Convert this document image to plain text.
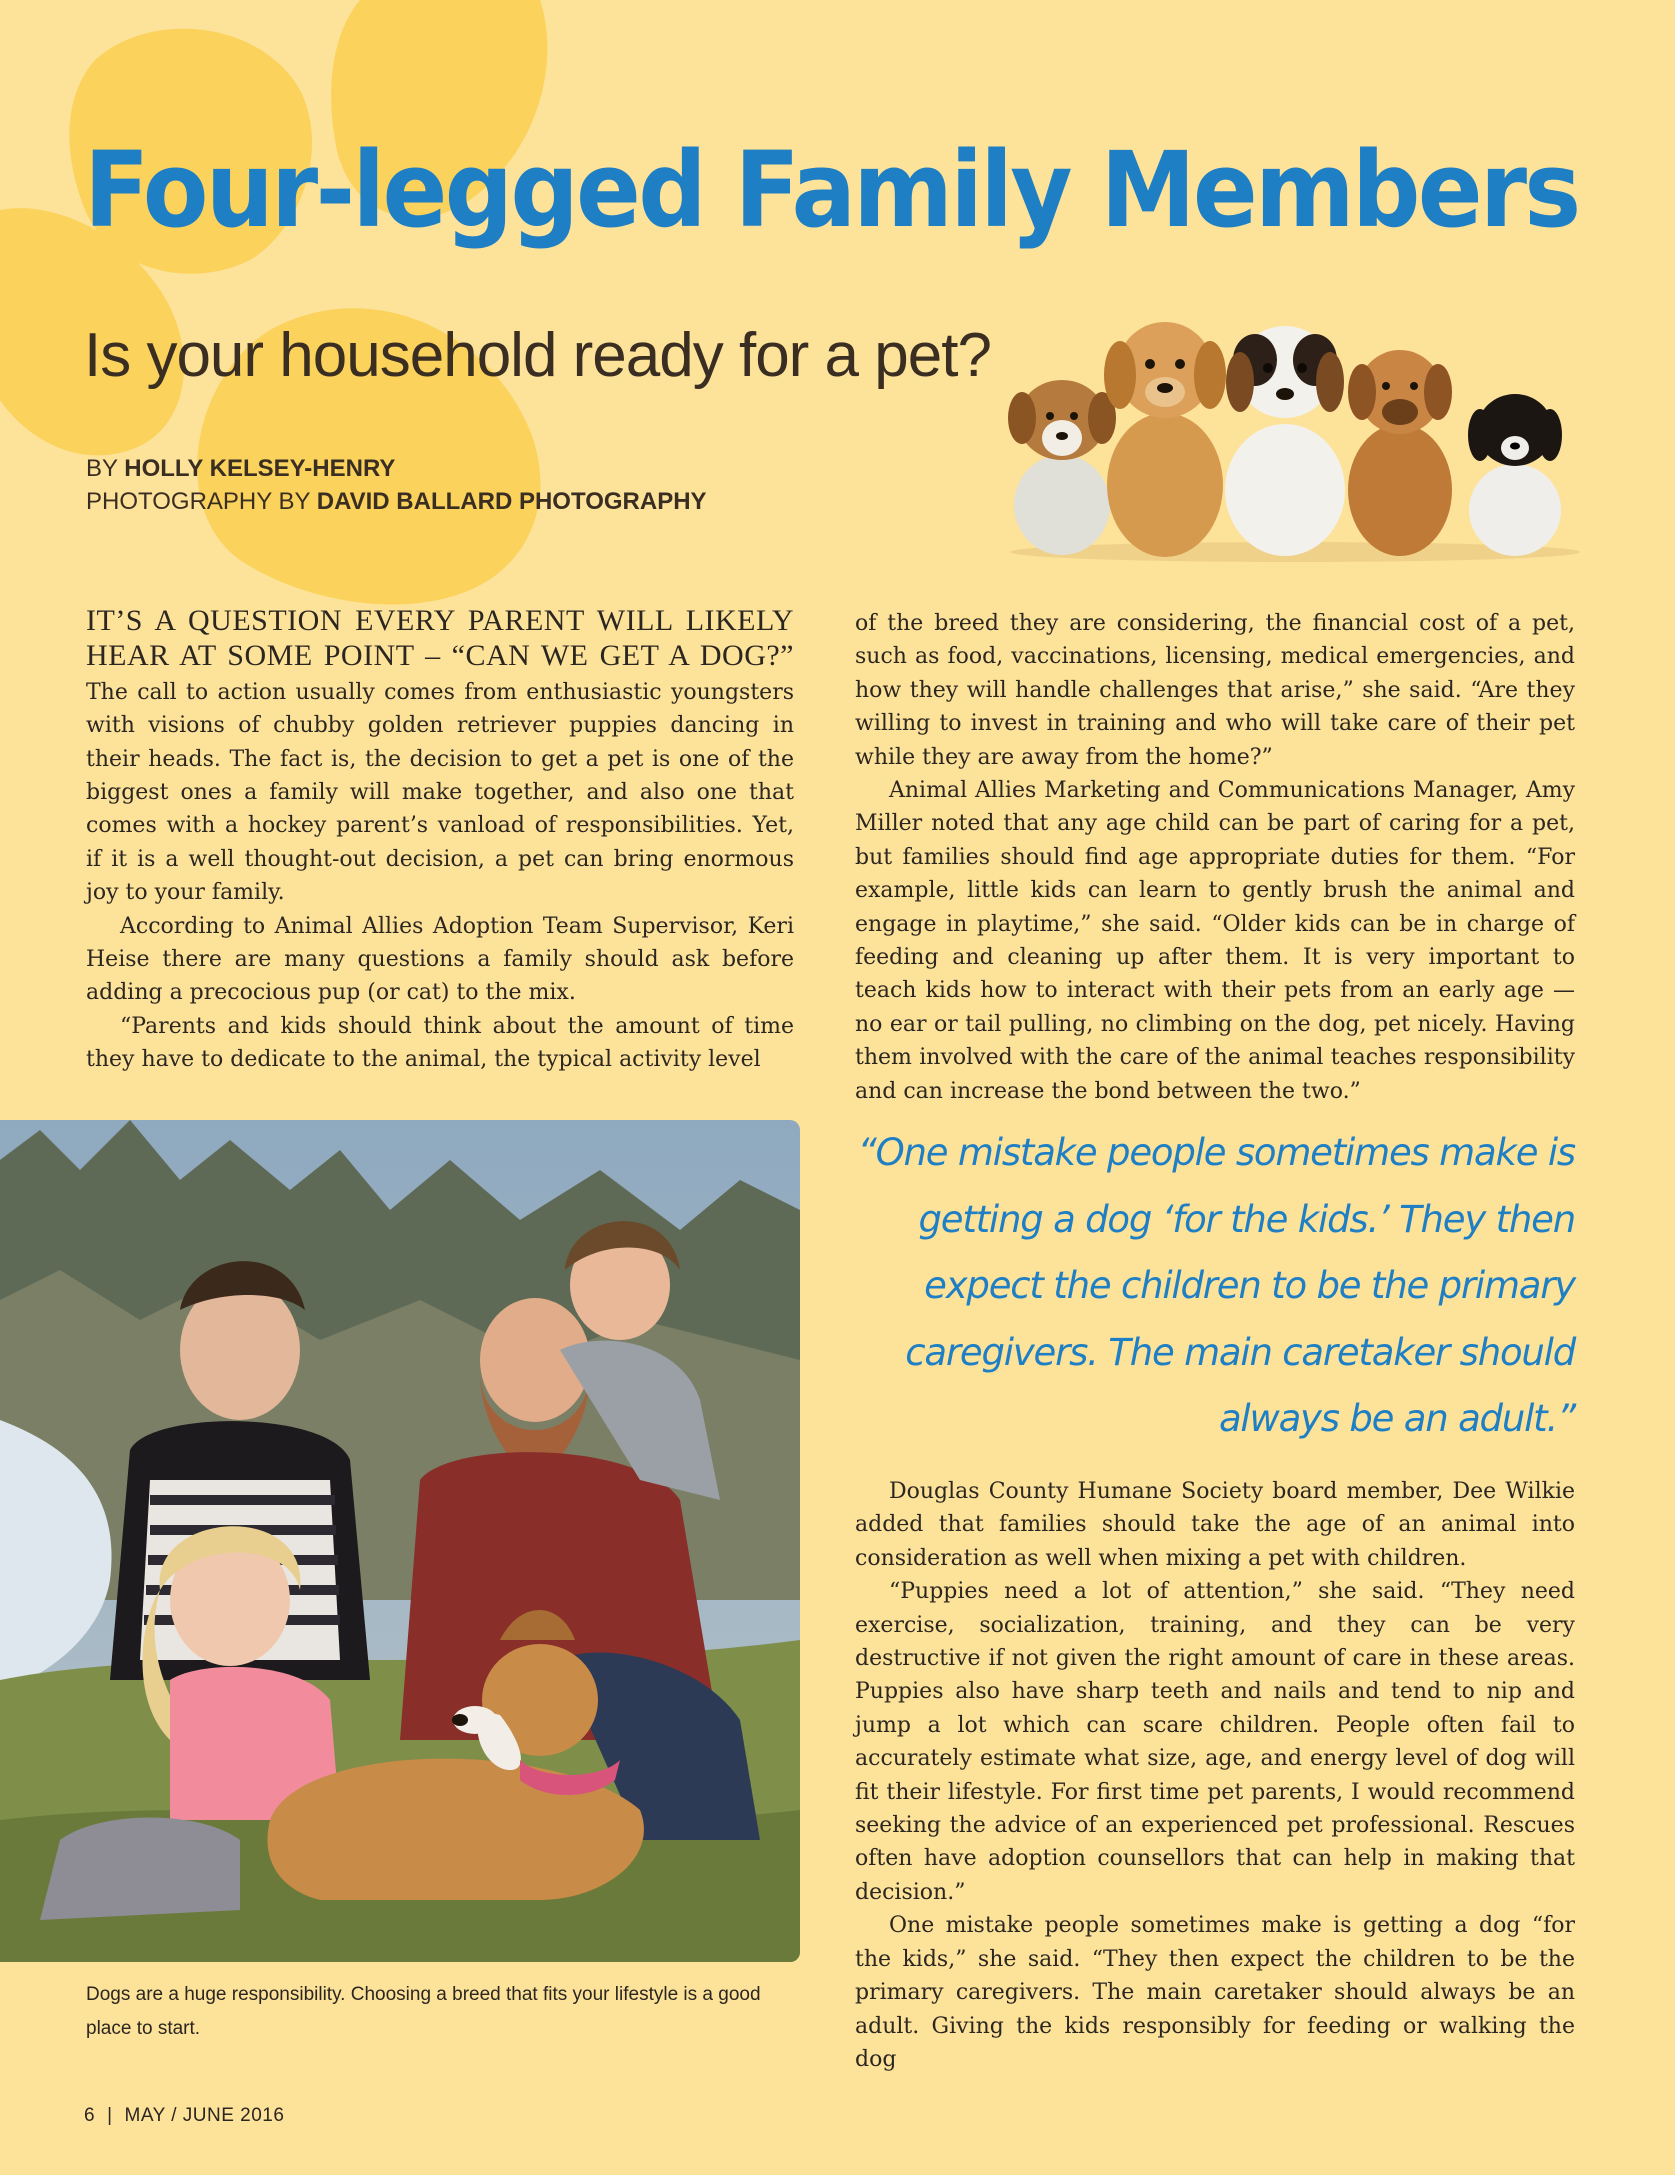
Four-legged Family Members
Is your household ready for a pet?
BY HOLLY KELSEY-HENRY
PHOTOGRAPHY BY DAVID BALLARD PHOTOGRAPHY

IT’S A QUESTION EVERY PARENT WILL LIKELY HEAR AT SOME POINT – “CAN WE GET A DOG?” The call to action usually comes from enthusiastic youngsters with visions of chubby golden retriever puppies dancing in their heads. The fact is, the decision to get a pet is one of the biggest ones a family will make together, and also one that comes with a hockey parent’s vanload of responsibilities. Yet, if it is a well thought-out decision, a pet can bring enormous joy to your family.

According to Animal Allies Adoption Team Supervisor, Keri Heise there are many questions a family should ask before adding a precocious pup (or cat) to the mix.

“Parents and kids should think about the amount of time they have to dedicate to the animal, the typical activity level

of the breed they are considering, the financial cost of a pet, such as food, vaccinations, licensing, medical emergencies, and how they will handle challenges that arise,” she said. “Are they willing to invest in training and who will take care of their pet while they are away from the home?”

Animal Allies Marketing and Communications Manager, Amy Miller noted that any age child can be part of caring for a pet, but families should find age appropriate duties for them. “For example, little kids can learn to gently brush the animal and engage in playtime,” she said. “Older kids can be in charge of feeding and cleaning up after them. It is very important to teach kids how to interact with their pets from an early age — no ear or tail pulling, no climbing on the dog, pet nicely. Having them involved with the care of the animal teaches responsibility and can increase the bond between the two.”

“One mistake people sometimes make is getting a dog ‘for the kids.’ They then expect the children to be the primary caregivers. The main caretaker should always be an adult.”

Douglas County Humane Society board member, Dee Wilkie added that families should take the age of an animal into consideration as well when mixing a pet with children.

“Puppies need a lot of attention,” she said. “They need exercise, socialization, training, and they can be very destructive if not given the right amount of care in these areas. Puppies also have sharp teeth and nails and tend to nip and jump a lot which can scare children. People often fail to accurately estimate what size, age, and energy level of dog will fit their lifestyle. For first time pet parents, I would recommend seeking the advice of an experienced pet professional. Rescues often have adoption counsellors that can help in making that decision.”

One mistake people sometimes make is getting a dog “for the kids,” she said. “They then expect the children to be the primary caregivers. The main caretaker should always be an adult. Giving the kids responsibly for feeding or walking the dog

Dogs are a huge responsibility. Choosing a breed that fits your lifestyle is a good place to start.
6 | MAY / JUNE 2016
